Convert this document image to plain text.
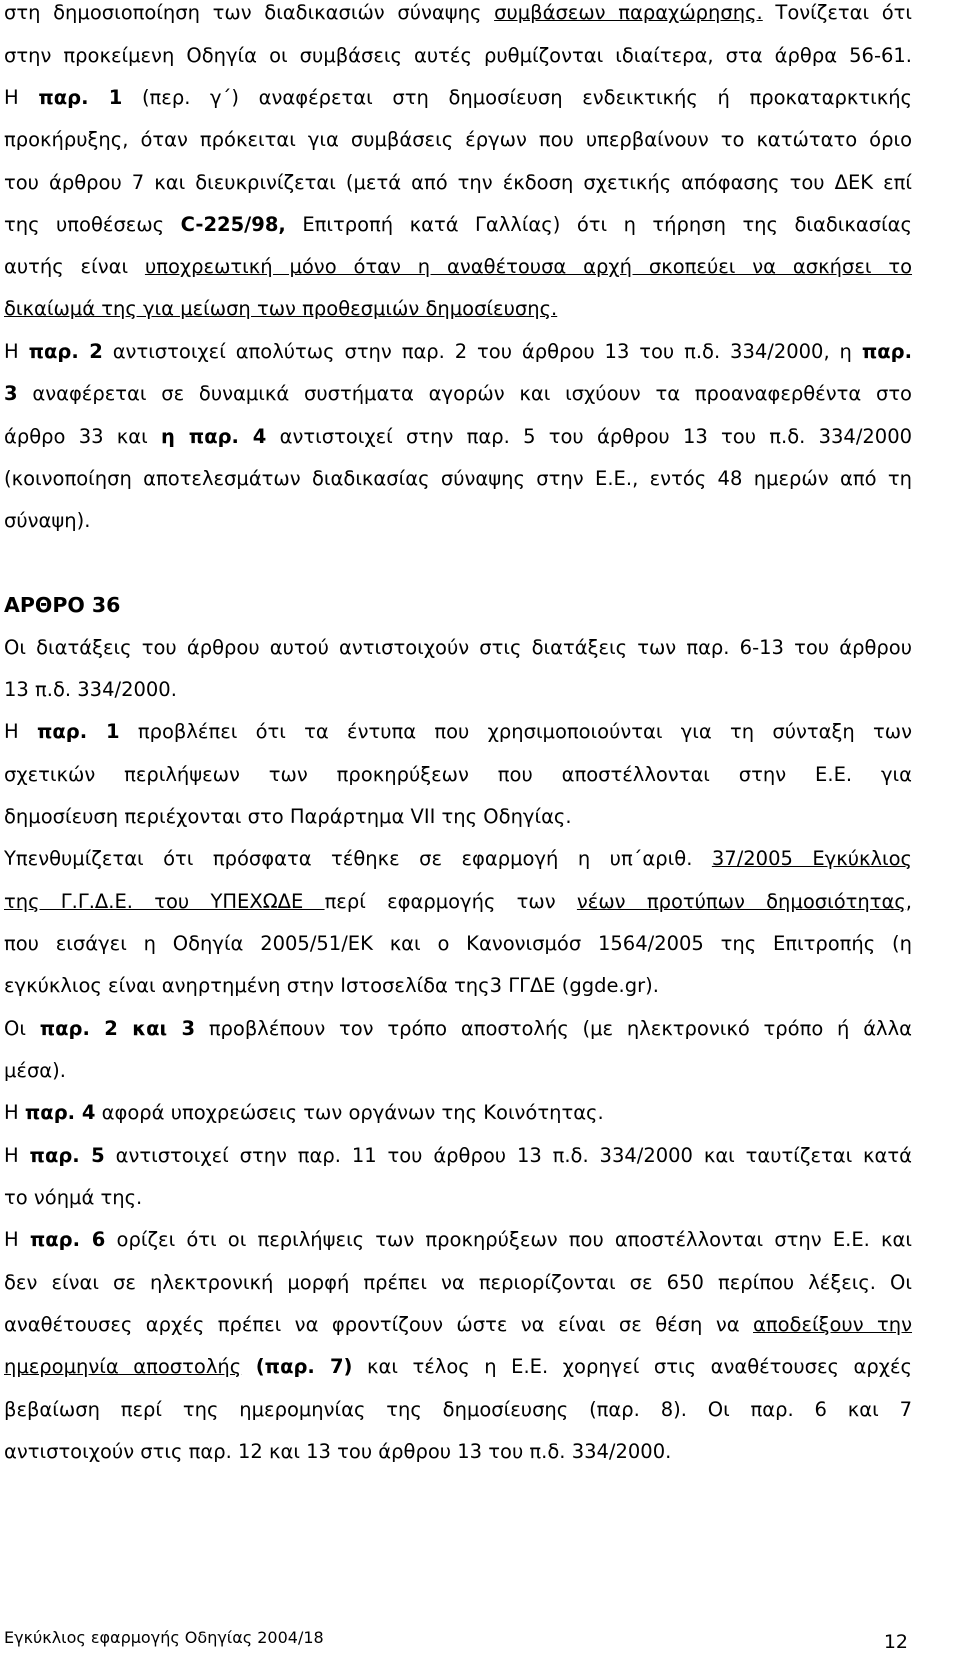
στη δημοσιοποίηση των διαδικασιών σύναψης συμβάσεων παραχώρησης. Τονίζεται ότι
στην προκείμενη Οδηγία οι συμβάσεις αυτές ρυθμίζονται ιδιαίτερα, στα άρθρα 56-61.
Η παρ. 1 (περ. γ΄) αναφέρεται στη δημοσίευση ενδεικτικής ή προκαταρκτικής
προκήρυξης, όταν πρόκειται για συμβάσεις έργων που υπερβαίνουν το κατώτατο όριο
του άρθρου 7 και διευκρινίζεται (μετά από την έκδοση σχετικής απόφασης του ΔΕΚ επί
της υποθέσεως C-225/98, Επιτροπή κατά Γαλλίας) ότι η τήρηση της διαδικασίας
αυτής είναι υποχρεωτική μόνο όταν η αναθέτουσα αρχή σκοπεύει να ασκήσει το
δικαίωμά της για μείωση των προθεσμιών δημοσίευσης.
Η παρ. 2 αντιστοιχεί απολύτως στην παρ. 2 του άρθρου 13 του π.δ. 334/2000, η παρ.
3 αναφέρεται σε δυναμικά συστήματα αγορών και ισχύουν τα προαναφερθέντα στο
άρθρο 33 και η παρ. 4 αντιστοιχεί στην παρ. 5 του άρθρου 13 του π.δ. 334/2000
(κοινοποίηση αποτελεσμάτων διαδικασίας σύναψης στην Ε.Ε., εντός 48 ημερών από τη
σύναψη).
ΑΡΘΡΟ 36
Οι διατάξεις του άρθρου αυτού αντιστοιχούν στις διατάξεις των παρ. 6-13 του άρθρου
13 π.δ. 334/2000.
Η παρ. 1 προβλέπει ότι τα έντυπα που χρησιμοποιούνται για τη σύνταξη των
σχετικών περιλήψεων των προκηρύξεων που αποστέλλονται στην Ε.Ε. για
δημοσίευση περιέχονται στο Παράρτημα VII της Οδηγίας.
Υπενθυμίζεται ότι πρόσφατα τέθηκε σε εφαρμογή η υπ΄αριθ. 37/2005 Εγκύκλιος
της Γ.Γ.Δ.Ε. του ΥΠΕΧΩΔΕ περί εφαρμογής των νέων προτύπων δημοσιότητας,
που εισάγει η Οδηγία 2005/51/ΕΚ και ο Κανονισμόσ 1564/2005 της Επιτροπής (η
εγκύκλιος είναι ανηρτημένη στην Ιστοσελίδα της3 ΓΓΔΕ (ggde.gr).
Οι παρ. 2 και 3 προβλέπουν τον τρόπο αποστολής (με ηλεκτρονικό τρόπο ή άλλα
μέσα).
Η παρ. 4 αφορά υποχρεώσεις των οργάνων της Κοινότητας.
Η παρ. 5 αντιστοιχεί στην παρ. 11 του άρθρου 13 π.δ. 334/2000 και ταυτίζεται κατά
το νόημά της.
Η παρ. 6 ορίζει ότι οι περιλήψεις των προκηρύξεων που αποστέλλονται στην Ε.Ε. και
δεν είναι σε ηλεκτρονική μορφή πρέπει να περιορίζονται σε 650 περίπου λέξεις. Οι
αναθέτουσες αρχές πρέπει να φροντίζουν ώστε να είναι σε θέση να αποδείξουν την
ημερομηνία αποστολής (παρ. 7) και τέλος η Ε.Ε. χορηγεί στις αναθέτουσες αρχές
βεβαίωση περί της ημερομηνίας της δημοσίευσης (παρ. 8). Οι παρ. 6 και 7
αντιστοιχούν στις παρ. 12 και 13 του άρθρου 13 του π.δ. 334/2000.
Εγκύκλιος εφαρμογής Οδηγίας 2004/18	12
